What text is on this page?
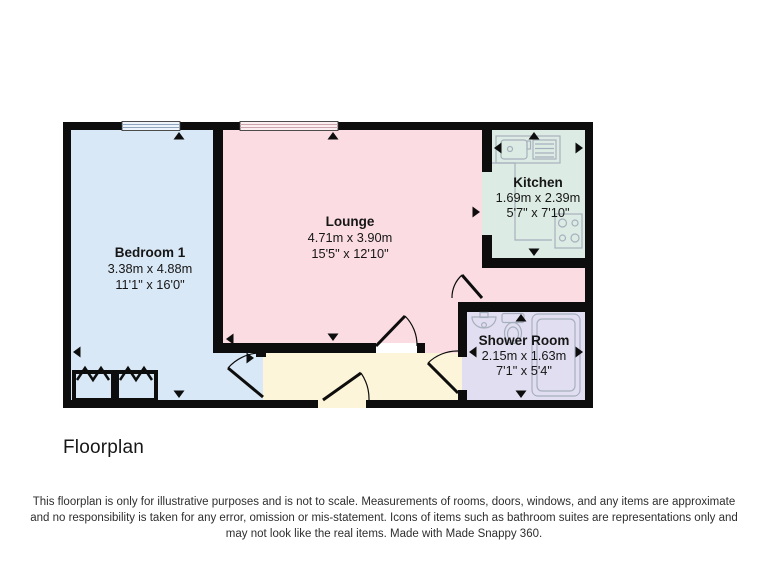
Bedroom 1
3.38m x 4.88m
11'1" x 16'0"
Lounge
4.71m x 3.90m
15'5" x 12'10"
Kitchen
1.69m x 2.39m
5'7" x 7'10"
Shower Room
2.15m x 1.63m
7'1" x 5'4"
Floorplan
This floorplan is only for illustrative purposes and is not to scale. Measurements of rooms, doors, windows, and any items are approximate
and no responsibility is taken for any error, omission or mis-statement. Icons of items such as bathroom suites are representations only and
may not look like the real items. Made with Made Snappy 360.
